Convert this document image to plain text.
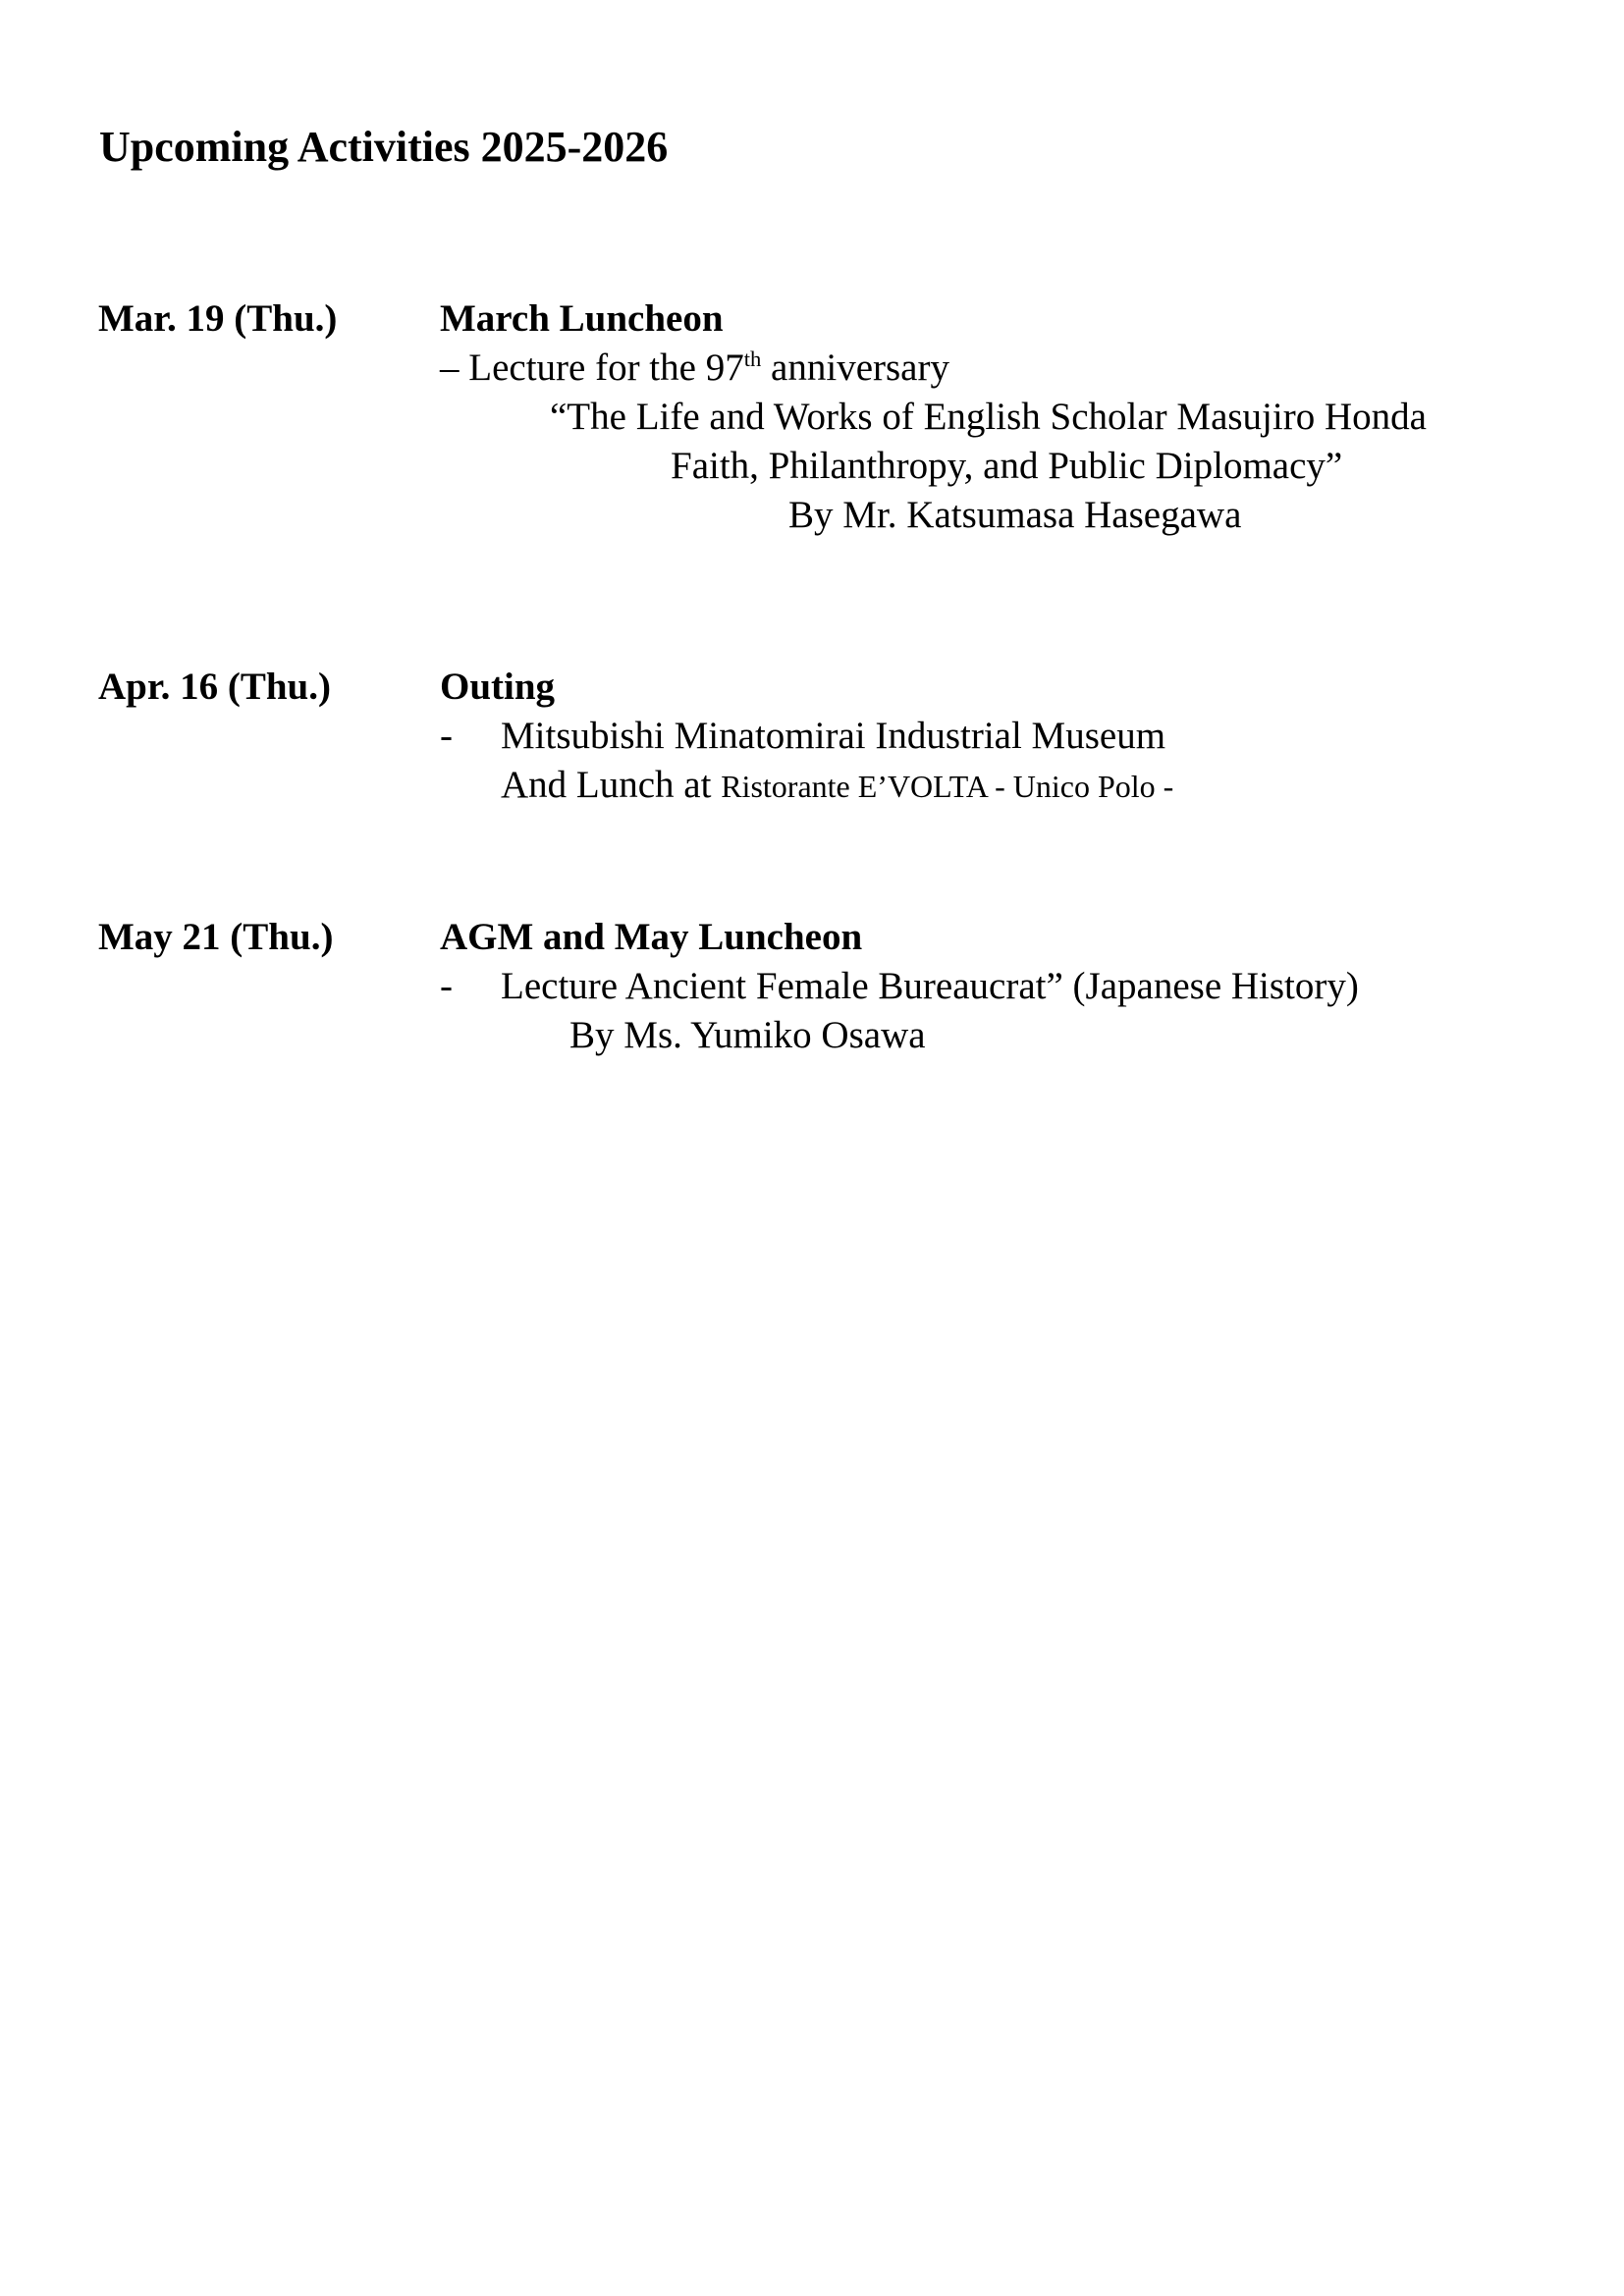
Upcoming Activities 2025-2026
Mar. 19 (Thu.)	March Luncheon
– Lecture for the 97th anniversary
“The Life and Works of English Scholar Masujiro Honda
Faith, Philanthropy, and Public Diplomacy”
By Mr. Katsumasa Hasegawa
Apr. 16 (Thu.)	Outing
- Mitsubishi Minatomirai Industrial Museum
And Lunch at Ristorante E’VOLTA - Unico Polo -
May 21 (Thu.)	AGM and May Luncheon
- Lecture Ancient Female Bureaucrat” (Japanese History)
By Ms. Yumiko Osawa
